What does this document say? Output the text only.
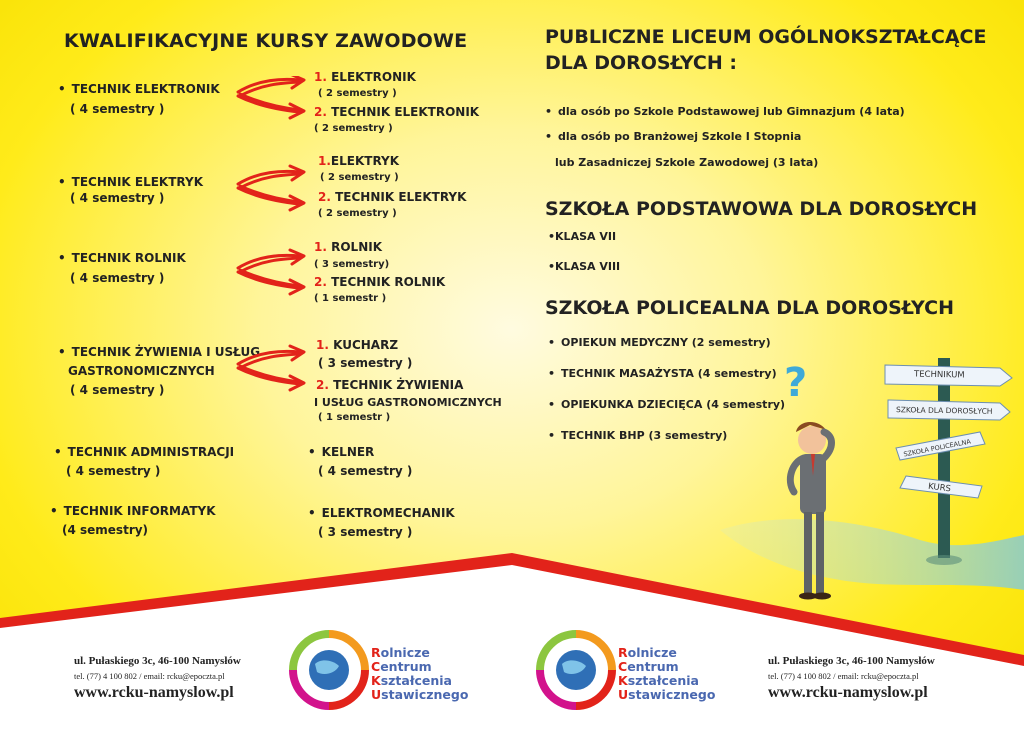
KWALIFIKACYJNE KURSY ZAWODOWE
• TECHNIK ELEKTRONIK
( 4 semestry )
• TECHNIK ELEKTRYK
( 4 semestry )
• TECHNIK ROLNIK
( 4 semestry )
• TECHNIK ŻYWIENIA I USŁUG
GASTRONOMICZNYCH
( 4 semestry )
• TECHNIK ADMINISTRACJI
( 4 semestry )
• TECHNIK INFORMATYK
(4 semestry)
1. ELEKTRONIK
( 2 semestry )
2. TECHNIK ELEKTRONIK
( 2 semestry )
1.ELEKTRYK
( 2 semestry )
2. TECHNIK ELEKTRYK
( 2 semestry )
1. ROLNIK
( 3 semestry)
2. TECHNIK ROLNIK
( 1 semestr )
1. KUCHARZ
( 3 semestry )
2. TECHNIK ŻYWIENIA
I USŁUG GASTRONOMICZNYCH
( 1 semestr )
• KELNER
( 4 semestry )
• ELEKTROMECHANIK
( 3 semestry )
PUBLICZNE LICEUM OGÓLNOKSZTAŁCĄCE
DLA DOROSŁYCH :
• dla osób po Szkole Podstawowej lub Gimnazjum (4 lata)
• dla osób po Branżowej Szkole I Stopnia
lub Zasadniczej Szkole Zawodowej (3 lata)
SZKOŁA PODSTAWOWA DLA DOROSŁYCH
•KLASA VII
•KLASA VIII
SZKOŁA POLICEALNA DLA DOROSŁYCH
• OPIEKUN MEDYCZNY (2 semestry)
• TECHNIK MASAŻYSTA (4 semestry)
• OPIEKUNKA DZIECIĘCA (4 semestry)
• TECHNIK BHP (3 semestry)
?	TECHNIKUM
SZKOŁA DLA DOROSŁYCH
SZKOŁA POLICEALNA
KURS
ul. Pułaskiego 3c, 46-100 Namysłów
tel. (77) 4 100 802 / email: rcku@epoczta.pl
www.rcku-namyslow.pl
Rolnicze
Centrum
Kształcenia
Ustawicznego
Rolnicze
Centrum
Kształcenia
Ustawicznego
ul. Pułaskiego 3c, 46-100 Namysłów
tel. (77) 4 100 802 / email: rcku@epoczta.pl
www.rcku-namyslow.pl
